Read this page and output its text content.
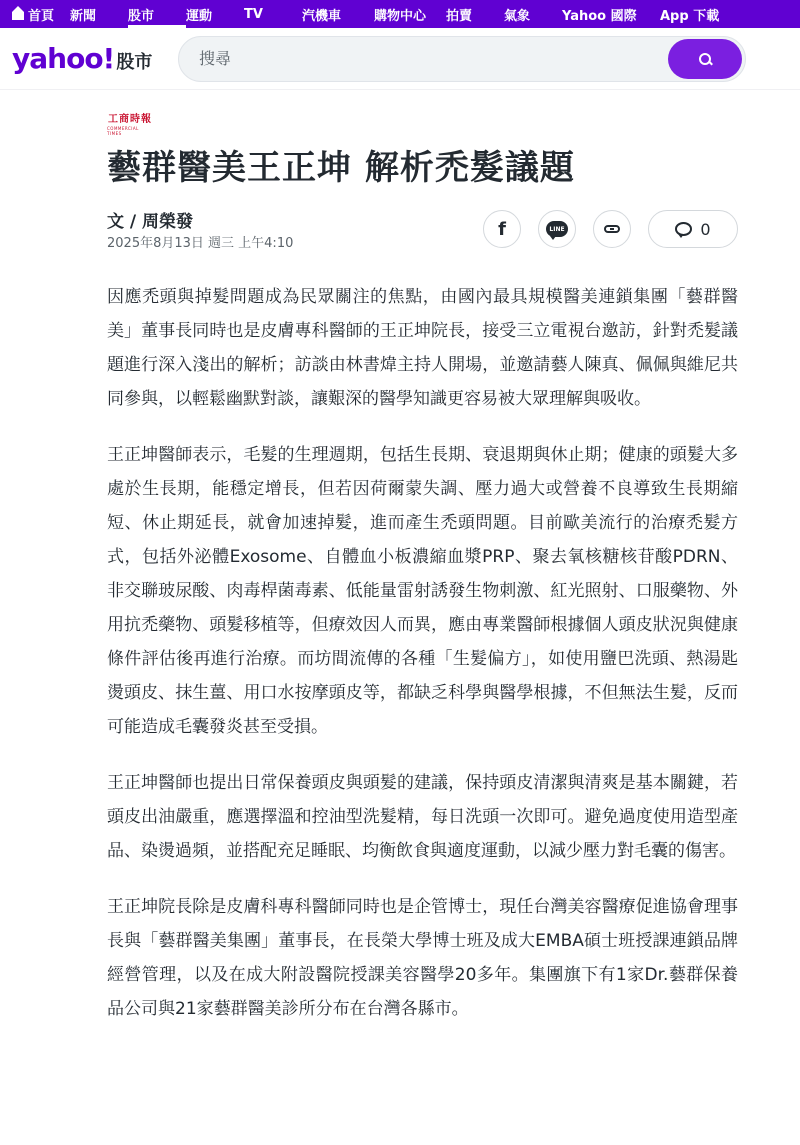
首頁 新聞	股市	運動	TV	汽機車	購物中心	拍賣	氣象	Yahoo 國際	App 下載
yahoo! 股市
搜尋
工商時報
COMMERCIAL TIMES
藝群醫美王正坤 解析禿髮議題
文 / 周榮發
2025年8月13日 週三 上午4:10
f	LINE	0

因應禿頭與掉髮問題成為民眾關注的焦點，由國內最具規模醫美連鎖集團「藝群醫美」董事長同時也是皮膚專科醫師的王正坤院長，接受三立電視台邀訪，針對禿髮議題進行深入淺出的解析；訪談由林書煒主持人開場，並邀請藝人陳真、佩佩與維尼共同參與，以輕鬆幽默對談，讓艱深的醫學知識更容易被大眾理解與吸收。

王正坤醫師表示，毛髮的生理週期，包括生長期、衰退期與休止期；健康的頭髮大多處於生長期，能穩定增長，但若因荷爾蒙失調、壓力過大或營養不良導致生長期縮短、休止期延長，就會加速掉髮，進而產生禿頭問題。目前歐美流行的治療禿髮方式，包括外泌體Exosome、自體血小板濃縮血漿PRP、聚去氧核糖核苷酸PDRN、非交聯玻尿酸、肉毒桿菌毒素、低能量雷射誘發生物刺激、紅光照射、口服藥物、外用抗禿藥物、頭髮移植等，但療效因人而異，應由專業醫師根據個人頭皮狀況與健康條件評估後再進行治療。而坊間流傳的各種「生髮偏方」，如使用鹽巴洗頭、熱湯匙燙頭皮、抹生薑、用口水按摩頭皮等，都缺乏科學與醫學根據，不但無法生髮，反而可能造成毛囊發炎甚至受損。

王正坤醫師也提出日常保養頭皮與頭髮的建議，保持頭皮清潔與清爽是基本關鍵，若頭皮出油嚴重，應選擇溫和控油型洗髮精，每日洗頭一次即可。避免過度使用造型產品、染燙過頻，並搭配充足睡眠、均衡飲食與適度運動，以減少壓力對毛囊的傷害。

王正坤院長除是皮膚科專科醫師同時也是企管博士，現任台灣美容醫療促進協會理事長與「藝群醫美集團」董事長，在長榮大學博士班及成大EMBA碩士班授課連鎖品牌經營管理，以及在成大附設醫院授課美容醫學20多年。集團旗下有1家Dr.藝群保養品公司與21家藝群醫美診所分布在台灣各縣市。
